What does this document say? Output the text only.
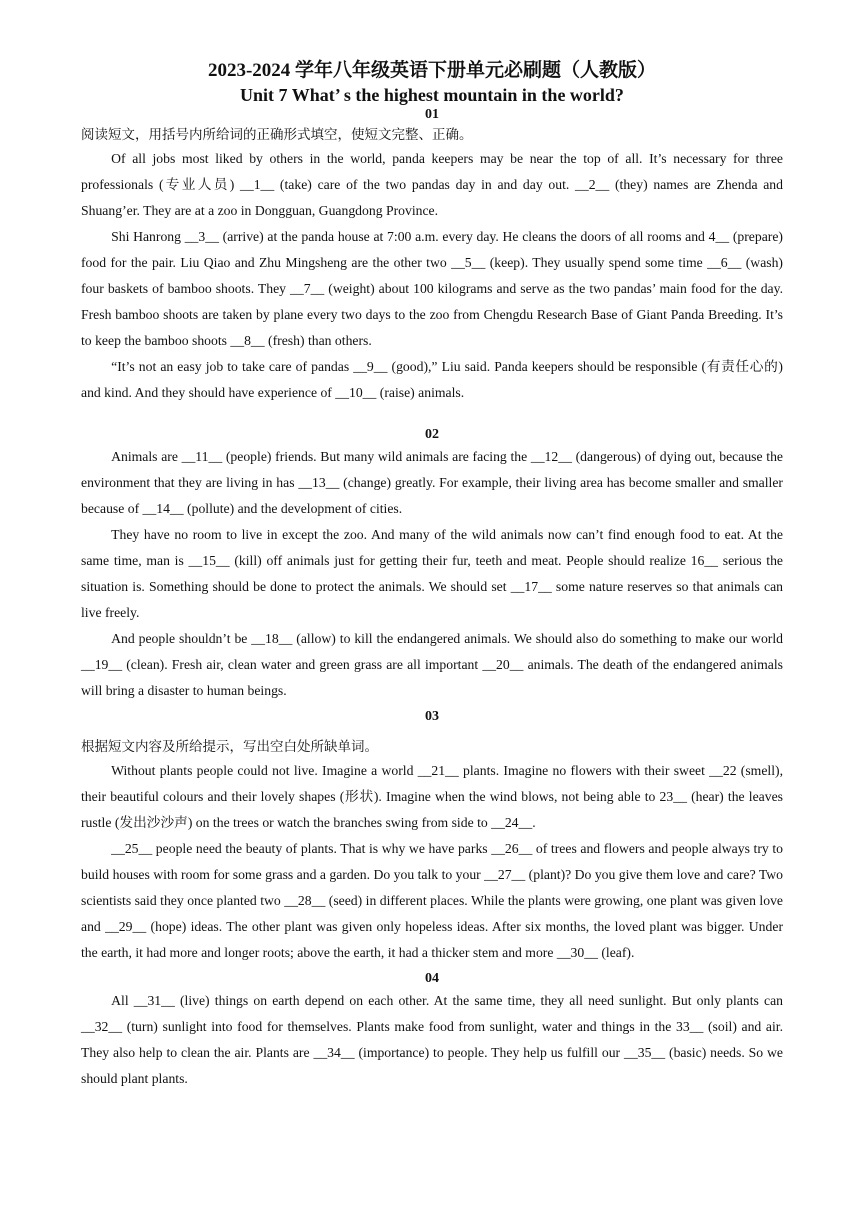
2023-2024 学年八年级英语下册单元必刷题（人教版）
Unit 7 What’ s the highest mountain in the world?
01
阅读短文，用括号内所给词的正确形式填空，使短文完整、正确。

Of all jobs most liked by others in the world, panda keepers may be near the top of all. It’s necessary for three professionals (专业人员) __1__ (take) care of the two pandas day in and day out. __2__ (they) names are Zhenda and Shuang’er. They are at a zoo in Dongguan, Guangdong Province.

Shi Hanrong __3__ (arrive) at the panda house at 7:00 a.m. every day. He cleans the doors of all rooms and 4__ (prepare) food for the pair. Liu Qiao and Zhu Mingsheng are the other two __5__ (keep). They usually spend some time __6__ (wash) four baskets of bamboo shoots. They __7__ (weight) about 100 kilograms and serve as the two pandas’ main food for the day. Fresh bamboo shoots are taken by plane every two days to the zoo from Chengdu Research Base of Giant Panda Breeding. It’s to keep the bamboo shoots __8__ (fresh) than others.

“It’s not an easy job to take care of pandas __9__ (good),” Liu said. Panda keepers should be responsible (有责任心的) and kind. And they should have experience of __10__ (raise) animals.

02

Animals are __11__ (people) friends. But many wild animals are facing the __12__ (dangerous) of dying out, because the environment that they are living in has __13__ (change) greatly. For example, their living area has become smaller and smaller because of __14__ (pollute) and the development of cities.

They have no room to live in except the zoo. And many of the wild animals now can’t find enough food to eat. At the same time, man is __15__ (kill) off animals just for getting their fur, teeth and meat. People should realize 16__ serious the situation is. Something should be done to protect the animals. We should set __17__ some nature reserves so that animals can live freely.

And people shouldn’t be __18__ (allow) to kill the endangered animals. We should also do something to make our world __19__ (clean). Fresh air, clean water and green grass are all important __20__ animals. The death of the endangered animals will bring a disaster to human beings.

03
根据短文内容及所给提示，写出空白处所缺单词。

Without plants people could not live. Imagine a world __21__ plants. Imagine no flowers with their sweet __22 (smell), their beautiful colours and their lovely shapes (形状). Imagine when the wind blows, not being able to 23__ (hear) the leaves rustle (发出沙沙声) on the trees or watch the branches swing from side to __24__.

__25__ people need the beauty of plants. That is why we have parks __26__ of trees and flowers and people always try to build houses with room for some grass and a garden. Do you talk to your __27__ (plant)? Do you give them love and care? Two scientists said they once planted two __28__ (seed) in different places. While the plants were growing, one plant was given love and __29__ (hope) ideas. The other plant was given only hopeless ideas. After six months, the loved plant was bigger. Under the earth, it had more and longer roots; above the earth, it had a thicker stem and more __30__ (leaf).

04

All __31__ (live) things on earth depend on each other. At the same time, they all need sunlight. But only plants can __32__ (turn) sunlight into food for themselves. Plants make food from sunlight, water and things in the 33__ (soil) and air. They also help to clean the air. Plants are __34__ (importance) to people. They help us fulfill our __35__ (basic) needs. So we should plant plants.
